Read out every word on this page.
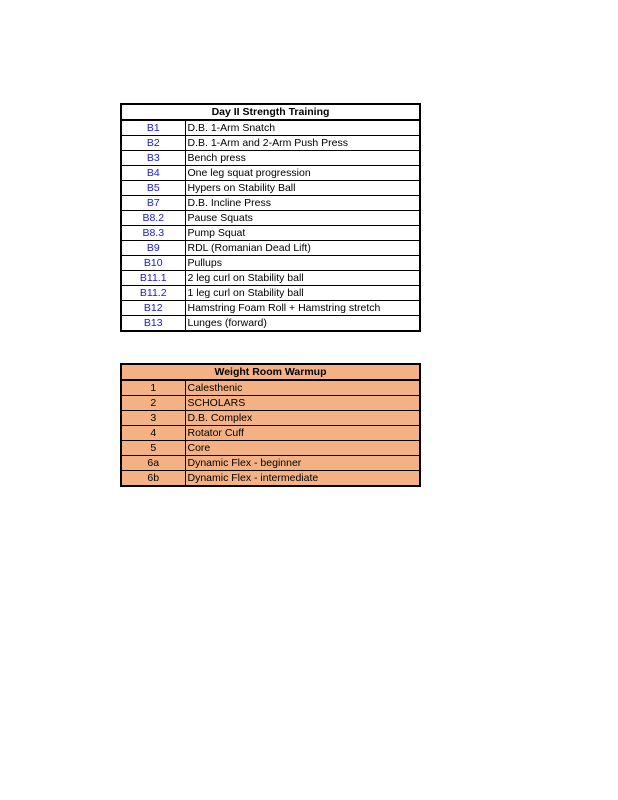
Day II Strength Training	
B1	D.B. 1-Arm Snatch
B2	D.B. 1-Arm and 2-Arm Push Press
B3	Bench press
B4	One leg squat progression
B5	Hypers on Stability Ball
B7	D.B. Incline Press
B8.2	Pause Squats
B8.3	Pump Squat
B9	RDL (Romanian Dead Lift)
B10	Pullups
B11.1	2 leg curl on Stability ball
B11.2	1 leg curl on Stability ball
B12	Hamstring Foam Roll + Hamstring stretch
B13	Lunges (forward)
Weight Room Warmup	
1	Calesthenic
2	SCHOLARS
3	D.B. Complex
4	Rotator Cuff
5	Core
6a	Dynamic Flex - beginner
6b	Dynamic Flex - intermediate
